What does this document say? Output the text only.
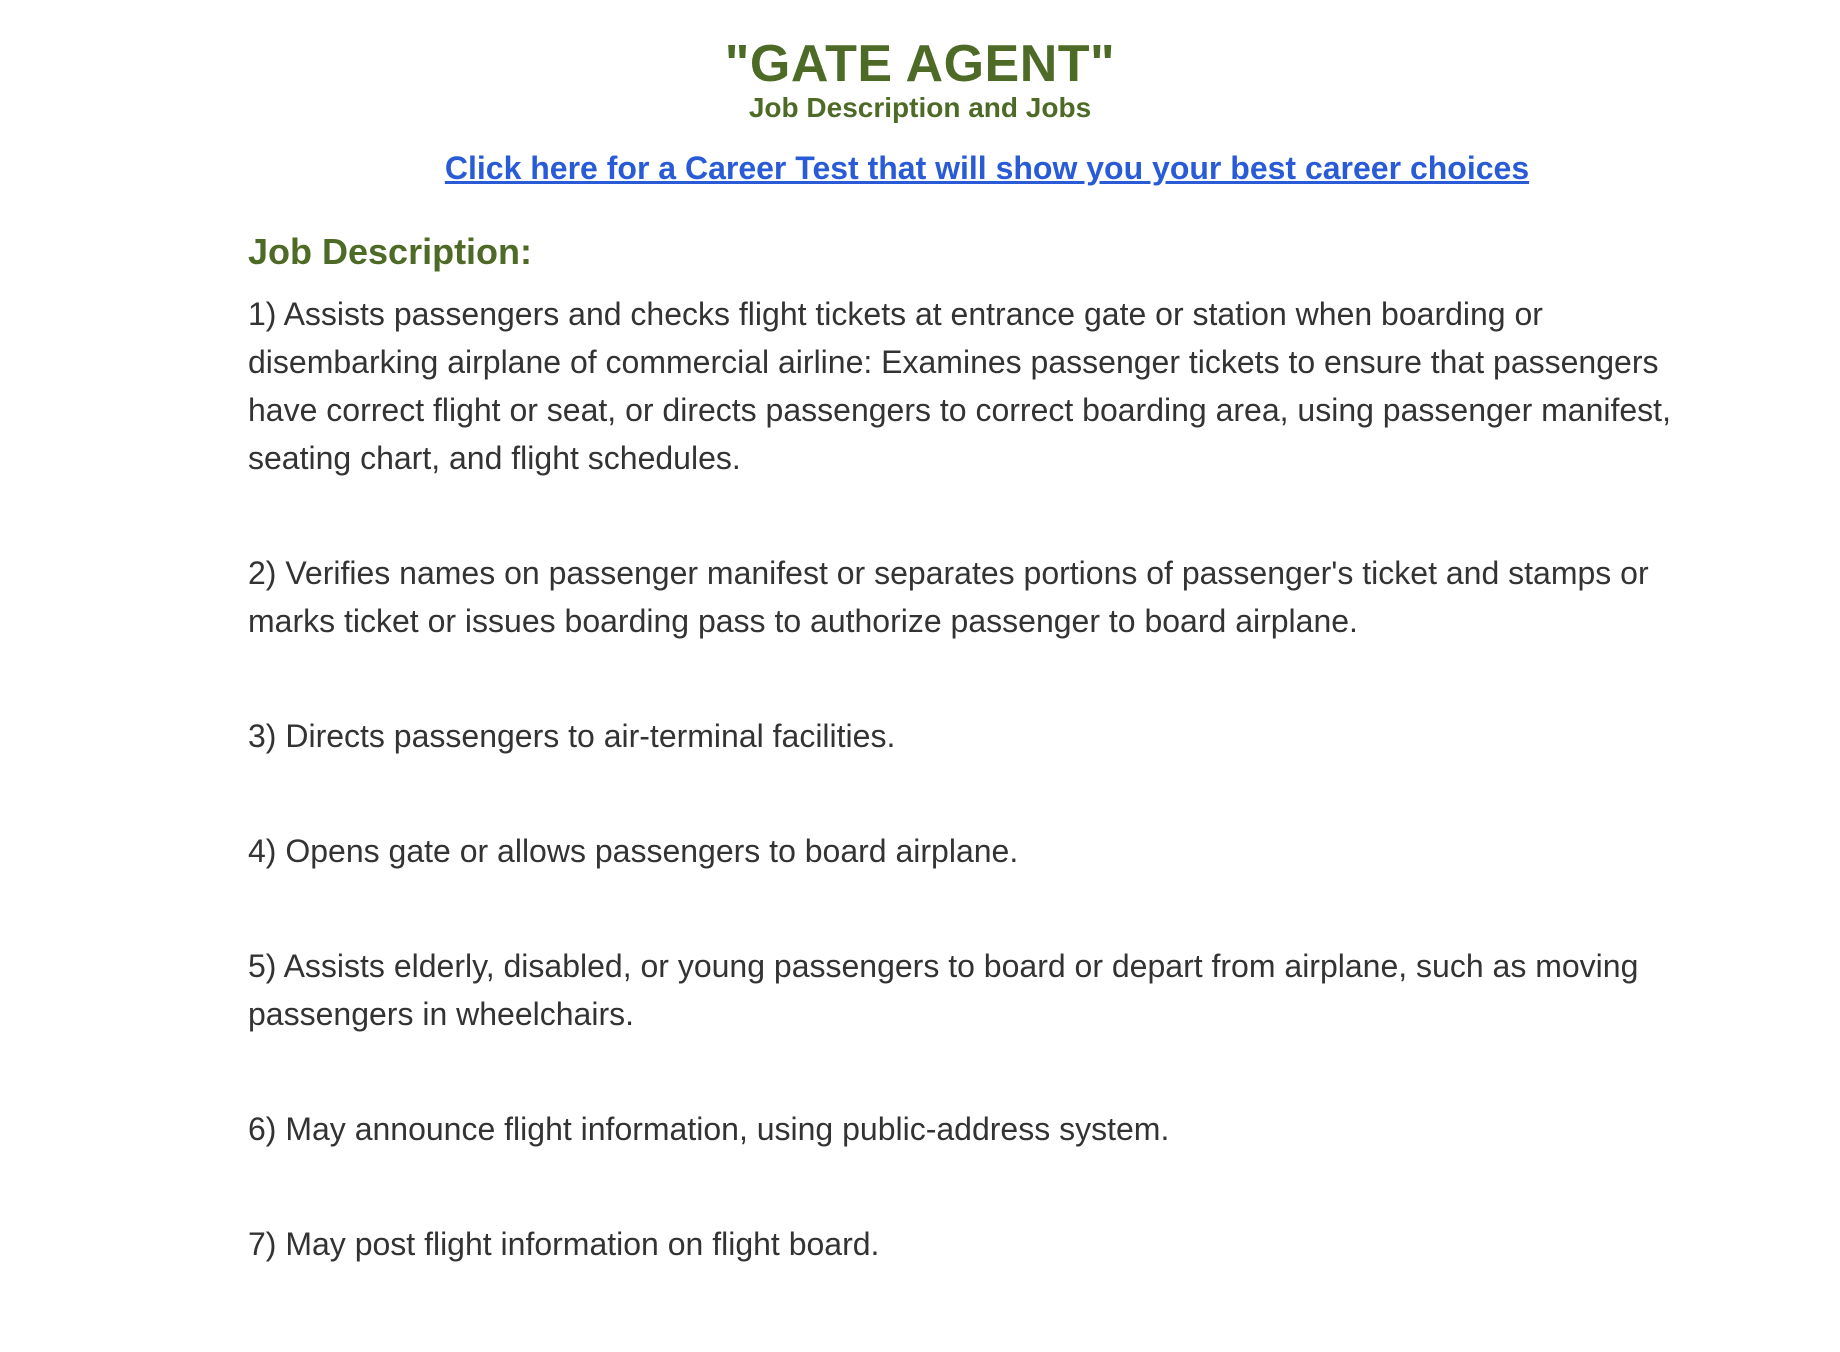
"GATE AGENT"
Job Description and Jobs
Click here for a Career Test that will show you your best career choices
Job Description:

1) Assists passengers and checks flight tickets at entrance gate or station when boarding or disembarking airplane of commercial airline: Examines passenger tickets to ensure that passengers have correct flight or seat, or directs passengers to correct boarding area, using passenger manifest, seating chart, and flight schedules.

2) Verifies names on passenger manifest or separates portions of passenger's ticket and stamps or marks ticket or issues boarding pass to authorize passenger to board airplane.

3) Directs passengers to air-terminal facilities.

4) Opens gate or allows passengers to board airplane.

5) Assists elderly, disabled, or young passengers to board or depart from airplane, such as moving passengers in wheelchairs.

6) May announce flight information, using public-address system.

7) May post flight information on flight board.
